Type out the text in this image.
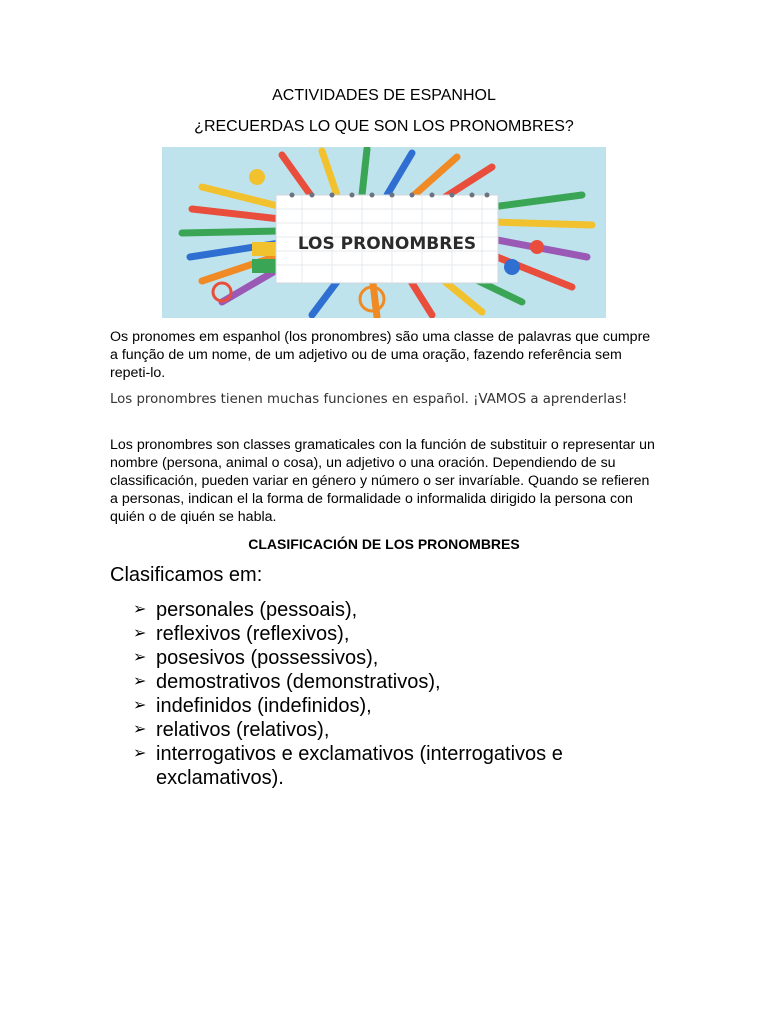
ACTIVIDADES DE ESPANHOL
¿RECUERDAS LO QUE SON LOS PRONOMBRES?
LOS PRONOMBRES
Os pronomes em espanhol (los pronombres) são uma classe de palavras que cumpre a função de um nome, de um adjetivo ou de uma oração, fazendo referência sem repeti-lo.
Los pronombres tienen muchas funciones en español. ¡VAMOS a aprenderlas!
Los pronombres son classes gramaticales con la función de substituir o representar un nombre (persona, animal o cosa), un adjetivo o una oración. Dependiendo de su classificación, pueden variar en género y número o ser invaríable. Quando se refieren a personas, indican el la forma de formalidade o informalida dirigido la persona con quién o de qiuén se habla.
CLASIFICACIÓN DE LOS PRONOMBRES
Clasificamos em:
➢ personales (pessoais),
➢ reflexivos (reflexivos),
➢ posesivos (possessivos),
➢ demostrativos (demonstrativos),
➢ indefinidos (indefinidos),
➢ relativos (relativos),
➢ interrogativos e exclamativos (interrogativos e exclamativos).
